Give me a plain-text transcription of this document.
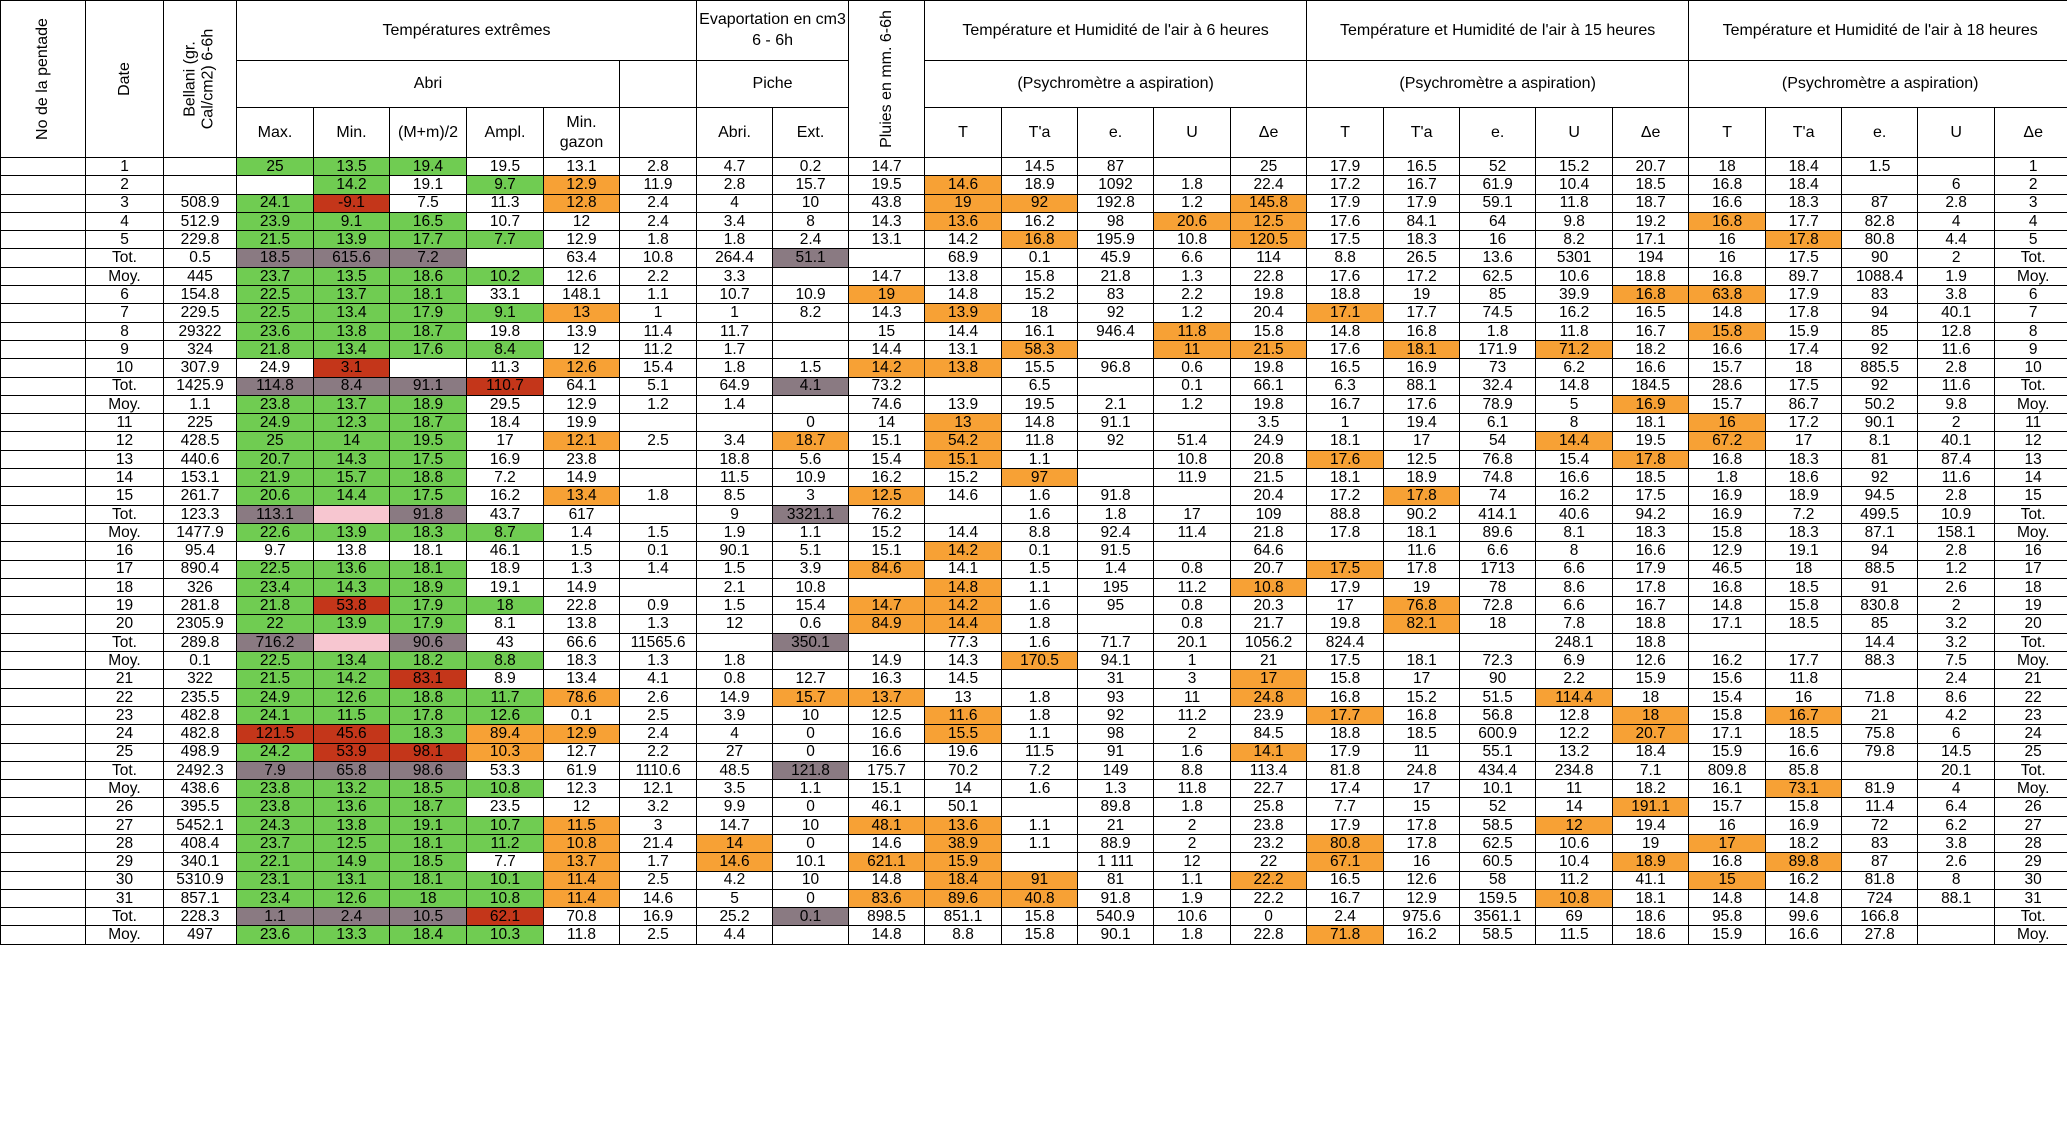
No de la pentade	Date	Bellani (gr. Cal/cm2) 6-6h	Températures extrêmes						Evaportation en cm3 6 - 6h		Pluies en mm. 6-6h	Température et Humidité de l'air à 6 heures					Température et Humidité de l'air à 15 heures					Température et Humidité de l'air à 18 heures	

			Abri						Piche			(Psychromètre a aspiration)					(Psychromètre a aspiration)					(Psychromètre a aspiration)					
			Max.	Min.	(M+m)/2	Ampl.	Min. gazon		Abri.	Ext.		T	T'a	e.	U	Δe	T	T'a	e.	U	Δe	T	T'a	e.	U	Δe	
	1		25	13.5	19.4	19.5	13.1	2.8	4.7	0.2	14.7		14.5	87		25	17.9	16.5	52	15.2	20.7	18	18.4	1.5		1	
	2			14.2	19.1	9.7	12.9	11.9	2.8	15.7	19.5	14.6	18.9	1092	1.8	22.4	17.2	16.7	61.9	10.4	18.5	16.8	18.4		6	2	
	3	508.9	24.1	-9.1	7.5	11.3	12.8	2.4	4	10	43.8	19	92	192.8	1.2	145.8	17.9	17.9	59.1	11.8	18.7	16.6	18.3	87	2.8	3	
	4	512.9	23.9	9.1	16.5	10.7	12	2.4	3.4	8	14.3	13.6	16.2	98	20.6	12.5	17.6	84.1	64	9.8	19.2	16.8	17.7	82.8	4	4	
	5	229.8	21.5	13.9	17.7	7.7	12.9	1.8	1.8	2.4	13.1	14.2	16.8	195.9	10.8	120.5	17.5	18.3	16	8.2	17.1	16	17.8	80.8	4.4	5	
	Tot.	0.5	18.5	615.6	7.2		63.4	10.8	264.4	51.1		68.9	0.1	45.9	6.6	114	8.8	26.5	13.6	5301	194	16	17.5	90	2	Tot.	
	Moy.	445	23.7	13.5	18.6	10.2	12.6	2.2	3.3		14.7	13.8	15.8	21.8	1.3	22.8	17.6	17.2	62.5	10.6	18.8	16.8	89.7	1088.4	1.9	Moy.	
	6	154.8	22.5	13.7	18.1	33.1	148.1	1.1	10.7	10.9	19	14.8	15.2	83	2.2	19.8	18.8	19	85	39.9	16.8	63.8	17.9	83	3.8	6	
	7	229.5	22.5	13.4	17.9	9.1	13	1	1	8.2	14.3	13.9	18	92	1.2	20.4	17.1	17.7	74.5	16.2	16.5	14.8	17.8	94	40.1	7	
	8	29322	23.6	13.8	18.7	19.8	13.9	11.4	11.7		15	14.4	16.1	946.4	11.8	15.8	14.8	16.8	1.8	11.8	16.7	15.8	15.9	85	12.8	8	
	9	324	21.8	13.4	17.6	8.4	12	11.2	1.7		14.4	13.1	58.3		11	21.5	17.6	18.1	171.9	71.2	18.2	16.6	17.4	92	11.6	9	
	10	307.9	24.9	3.1		11.3	12.6	15.4	1.8	1.5	14.2	13.8	15.5	96.8	0.6	19.8	16.5	16.9	73	6.2	16.6	15.7	18	885.5	2.8	10	
	Tot.	1425.9	114.8	8.4	91.1	110.7	64.1	5.1	64.9	4.1	73.2		6.5		0.1	66.1	6.3	88.1	32.4	14.8	184.5	28.6	17.5	92	11.6	Tot.	
	Moy.	1.1	23.8	13.7	18.9	29.5	12.9	1.2	1.4		74.6	13.9	19.5	2.1	1.2	19.8	16.7	17.6	78.9	5	16.9	15.7	86.7	50.2	9.8	Moy.	
	11	225	24.9	12.3	18.7	18.4	19.9			0	14	13	14.8	91.1		3.5	1	19.4	6.1	8	18.1	16	17.2	90.1	2	11	
	12	428.5	25	14	19.5	17	12.1	2.5	3.4	18.7	15.1	54.2	11.8	92	51.4	24.9	18.1	17	54	14.4	19.5	67.2	17	8.1	40.1	12	
	13	440.6	20.7	14.3	17.5	16.9	23.8		18.8	5.6	15.4	15.1	1.1		10.8	20.8	17.6	12.5	76.8	15.4	17.8	16.8	18.3	81	87.4	13	
	14	153.1	21.9	15.7	18.8	7.2	14.9		11.5	10.9	16.2	15.2	97		11.9	21.5	18.1	18.9	74.8	16.6	18.5	1.8	18.6	92	11.6	14	
	15	261.7	20.6	14.4	17.5	16.2	13.4	1.8	8.5	3	12.5	14.6	1.6	91.8		20.4	17.2	17.8	74	16.2	17.5	16.9	18.9	94.5	2.8	15	
	Tot.	123.3	113.1		91.8	43.7	617		9	3321.1	76.2		1.6	1.8	17	109	88.8	90.2	414.1	40.6	94.2	16.9	7.2	499.5	10.9	Tot.	
	Moy.	1477.9	22.6	13.9	18.3	8.7	1.4	1.5	1.9	1.1	15.2	14.4	8.8	92.4	11.4	21.8	17.8	18.1	89.6	8.1	18.3	15.8	18.3	87.1	158.1	Moy.	
	16	95.4	9.7	13.8	18.1	46.1	1.5	0.1	90.1	5.1	15.1	14.2	0.1	91.5		64.6		11.6	6.6	8	16.6	12.9	19.1	94	2.8	16	
	17	890.4	22.5	13.6	18.1	18.9	1.3	1.4	1.5	3.9	84.6	14.1	1.5	1.4	0.8	20.7	17.5	17.8	1713	6.6	17.9	46.5	18	88.5	1.2	17	
	18	326	23.4	14.3	18.9	19.1	14.9		2.1	10.8		14.8	1.1	195	11.2	10.8	17.9	19	78	8.6	17.8	16.8	18.5	91	2.6	18	
	19	281.8	21.8	53.8	17.9	18	22.8	0.9	1.5	15.4	14.7	14.2	1.6	95	0.8	20.3	17	76.8	72.8	6.6	16.7	14.8	15.8	830.8	2	19	
	20	2305.9	22	13.9	17.9	8.1	13.8	1.3	12	0.6	84.9	14.4	1.8		0.8	21.7	19.8	82.1	18	7.8	18.8	17.1	18.5	85	3.2	20	
	Tot.	289.8	716.2		90.6	43	66.6	11565.6		350.1		77.3	1.6	71.7	20.1	1056.2	824.4			248.1	18.8			14.4	3.2	Tot.	
	Moy.	0.1	22.5	13.4	18.2	8.8	18.3	1.3	1.8		14.9	14.3	170.5	94.1	1	21	17.5	18.1	72.3	6.9	12.6	16.2	17.7	88.3	7.5	Moy.	
	21	322	21.5	14.2	83.1	8.9	13.4	4.1	0.8	12.7	16.3	14.5		31	3	17	15.8	17	90	2.2	15.9	15.6	11.8		2.4	21	
	22	235.5	24.9	12.6	18.8	11.7	78.6	2.6	14.9	15.7	13.7	13	1.8	93	11	24.8	16.8	15.2	51.5	114.4	18	15.4	16	71.8	8.6	22	
	23	482.8	24.1	11.5	17.8	12.6	0.1	2.5	3.9	10	12.5	11.6	1.8	92	11.2	23.9	17.7	16.8	56.8	12.8	18	15.8	16.7	21	4.2	23	
	24	482.8	121.5	45.6	18.3	89.4	12.9	2.4	4	0	16.6	15.5	1.1	98	2	84.5	18.8	18.5	600.9	12.2	20.7	17.1	18.5	75.8	6	24	
	25	498.9	24.2	53.9	98.1	10.3	12.7	2.2	27	0	16.6	19.6	11.5	91	1.6	14.1	17.9	11	55.1	13.2	18.4	15.9	16.6	79.8	14.5	25	
	Tot.	2492.3	7.9	65.8	98.6	53.3	61.9	1110.6	48.5	121.8	175.7	70.2	7.2	149	8.8	113.4	81.8	24.8	434.4	234.8	7.1	809.8	85.8		20.1	Tot.	
	Moy.	438.6	23.8	13.2	18.5	10.8	12.3	12.1	3.5	1.1	15.1	14	1.6	1.3	11.8	22.7	17.4	17	10.1	11	18.2	16.1	73.1	81.9	4	Moy.	
	26	395.5	23.8	13.6	18.7	23.5	12	3.2	9.9	0	46.1	50.1		89.8	1.8	25.8	7.7	15	52	14	191.1	15.7	15.8	11.4	6.4	26	
	27	5452.1	24.3	13.8	19.1	10.7	11.5	3	14.7	10	48.1	13.6	1.1	21	2	23.8	17.9	17.8	58.5	12	19.4	16	16.9	72	6.2	27	
	28	408.4	23.7	12.5	18.1	11.2	10.8	21.4	14	0	14.6	38.9	1.1	88.9	2	23.2	80.8	17.8	62.5	10.6	19	17	18.2	83	3.8	28	
	29	340.1	22.1	14.9	18.5	7.7	13.7	1.7	14.6	10.1	621.1	15.9		1 111	12	22	67.1	16	60.5	10.4	18.9	16.8	89.8	87	2.6	29	
	30	5310.9	23.1	13.1	18.1	10.1	11.4	2.5	4.2	10	14.8	18.4	91	81	1.1	22.2	16.5	12.6	58	11.2	41.1	15	16.2	81.8	8	30	
	31	857.1	23.4	12.6	18	10.8	11.4	14.6	5	0	83.6	89.6	40.8	91.8	1.9	22.2	16.7	12.9	159.5	10.8	18.1	14.8	14.8	724	88.1	31	
	Tot.	228.3	1.1	2.4	10.5	62.1	70.8	16.9	25.2	0.1	898.5	851.1	15.8	540.9	10.6	0	2.4	975.6	3561.1	69	18.6	95.8	99.6	166.8		Tot.	
	Moy.	497	23.6	13.3	18.4	10.3	11.8	2.5	4.4		14.8	8.8	15.8	90.1	1.8	22.8	71.8	16.2	58.5	11.5	18.6	15.9	16.6	27.8		Moy.	
